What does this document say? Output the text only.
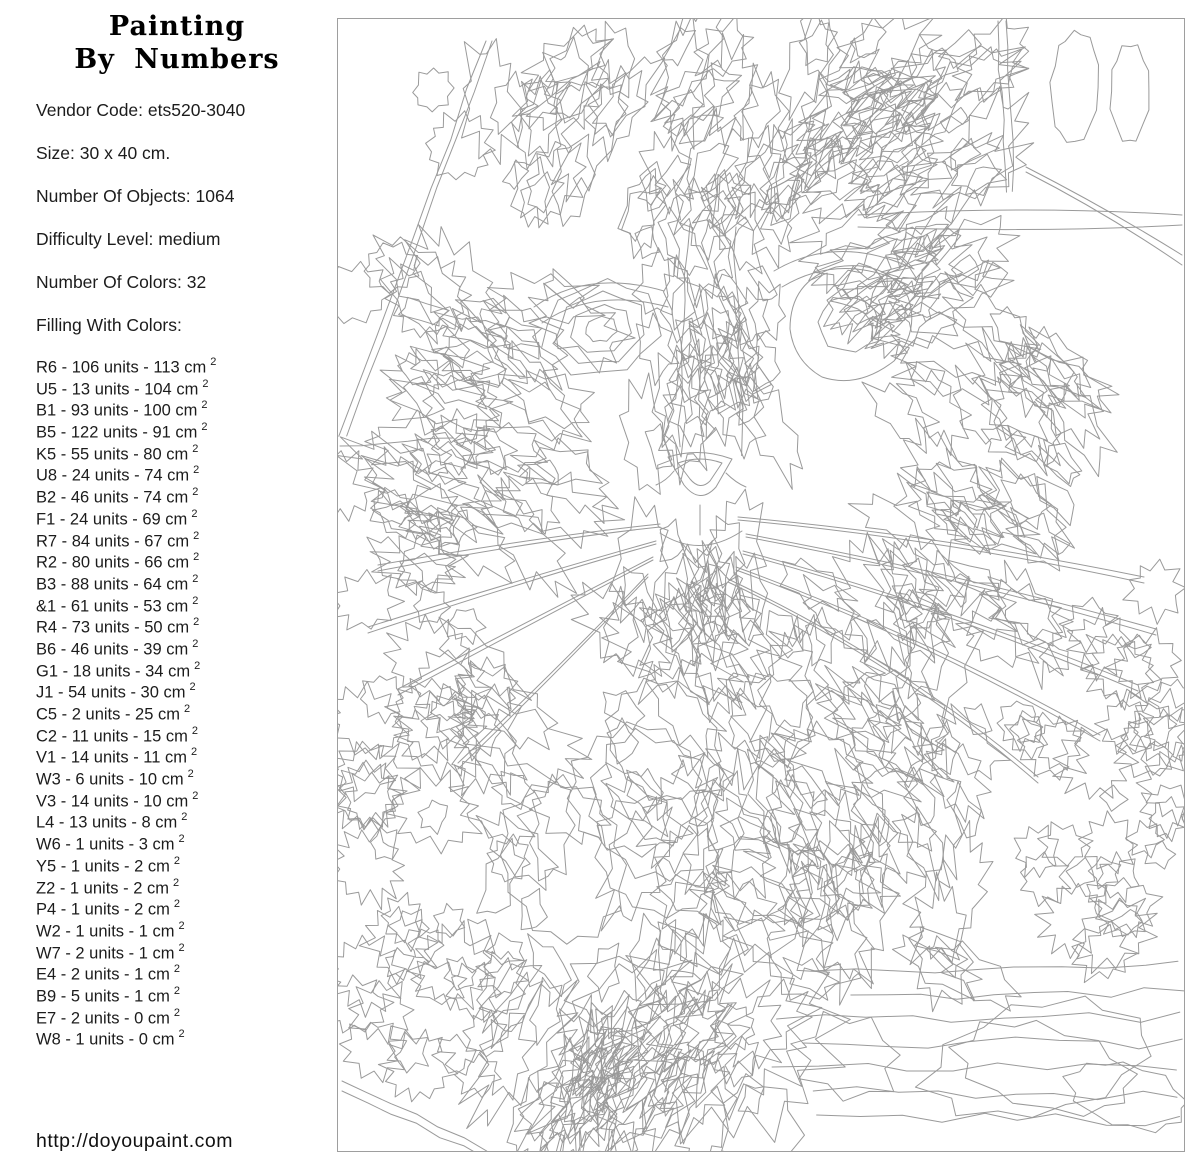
Painting
By Numbers
Vendor Code: ets520-3040
Size: 30 x 40 cm.
Number Of Objects: 1064
Difficulty Level: medium
Number Of Colors: 32
Filling With Colors:
R6 - 106 units - 113 cm $^2$
U5 - 13 units - 104 cm $^2$
B1 - 93 units - 100 cm $^2$
B5 - 122 units - 91 cm $^2$
K5 - 55 units - 80 cm $^2$
U8 - 24 units - 74 cm $^2$
B2 - 46 units - 74 cm $^2$
F1 - 24 units - 69 cm $^2$
R7 - 84 units - 67 cm $^2$
R2 - 80 units - 66 cm $^2$
B3 - 88 units - 64 cm $^2$
&1 - 61 units - 53 cm $^2$
R4 - 73 units - 50 cm $^2$
B6 - 46 units - 39 cm $^2$
G1 - 18 units - 34 cm $^2$
J1 - 54 units - 30 cm $^2$
C5 - 2 units - 25 cm $^2$
C2 - 11 units - 15 cm $^2$
V1 - 14 units - 11 cm $^2$
W3 - 6 units - 10 cm $^2$
V3 - 14 units - 10 cm $^2$
L4 - 13 units - 8 cm $^2$
W6 - 1 units - 3 cm $^2$
Y5 - 1 units - 2 cm $^2$
Z2 - 1 units - 2 cm $^2$
P4 - 1 units - 2 cm $^2$
W2 - 1 units - 1 cm $^2$
W7 - 2 units - 1 cm $^2$
E4 - 2 units - 1 cm $^2$
B9 - 5 units - 1 cm $^2$
E7 - 2 units - 0 cm $^2$
W8 - 1 units - 0 cm $^2$
http://doyoupaint.com
